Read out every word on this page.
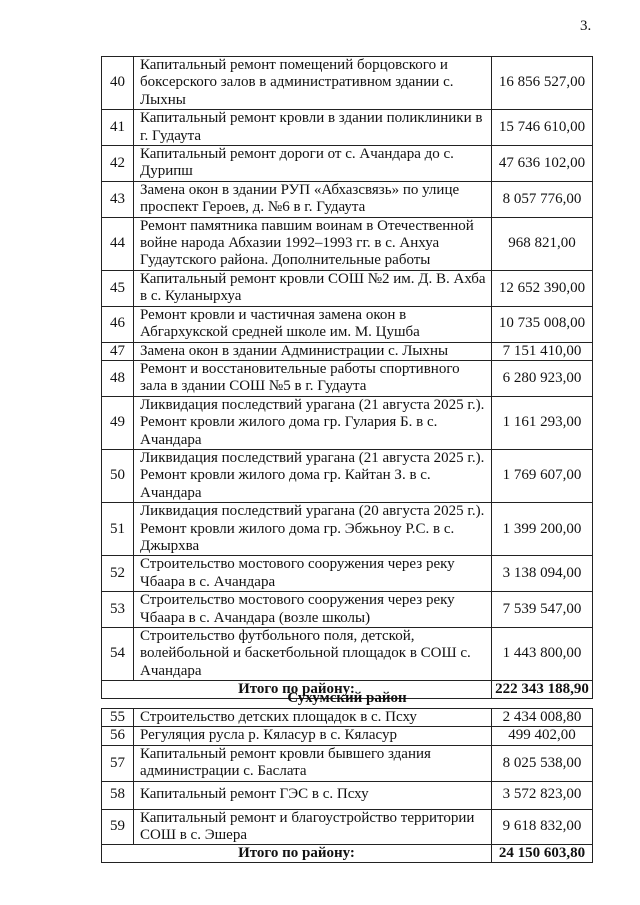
3.
40	Капитальный ремонт помещений борцовского и боксерского залов в административном здании с. Лыхны	16 856 527,00
41	Капитальный ремонт кровли в здании поликлиники в г. Гудаута	15 746 610,00
42	Капитальный ремонт дороги от с. Ачандара до с. Дурипш	47 636 102,00
43	Замена окон в здании РУП «Абхазсвязь» по улице проспект Героев, д. №6 в г. Гудаута	8 057 776,00
44	Ремонт памятника павшим воинам в Отечественной войне народа Абхазии 1992–1993 гг. в с. Анхуа Гудаутского района. Дополнительные работы	968 821,00
45	Капитальный ремонт кровли СОШ №2 им. Д. В. Ахба в с. Куланырхуа	12 652 390,00
46	Ремонт кровли и частичная замена окон в Абгархукской средней школе им. М. Цушба	10 735 008,00
47	Замена окон в здании Администрации с. Лыхны	7 151 410,00
48	Ремонт и восстановительные работы спортивного зала в здании СОШ №5 в г. Гудаута	6 280 923,00
49	Ликвидация последствий урагана (21 августа 2025 г.). Ремонт кровли жилого дома гр. Гулария Б. в с. Ачандара	1 161 293,00
50	Ликвидация последствий урагана (21 августа 2025 г.). Ремонт кровли жилого дома гр. Кайтан З. в с. Ачандара	1 769 607,00
51	Ликвидация последствий урагана (20 августа 2025 г.). Ремонт кровли жилого дома гр. Эбжьноу Р.С. в с. Джырхва	1 399 200,00
52	Строительство мостового сооружения через реку Чбаара в с. Ачандара	3 138 094,00
53	Строительство мостового сооружения через реку Чбаара в с. Ачандара (возле школы)	7 539 547,00
54	Строительство футбольного поля, детской, волейбольной и баскетбольной площадок в СОШ с. Ачандара	1 443 800,00
Итого по району:		222 343 188,90
Сухумский район
55	Строительство детских площадок в с. Псху	2 434 008,80
56	Регуляция русла р. Кяласур в с. Кяласур	499 402,00
57	Капитальный ремонт кровли бывшего здания администрации с. Баслата	8 025 538,00
58	Капитальный ремонт ГЭС в с. Псху	3 572 823,00
59	Капитальный ремонт и благоустройство территории СОШ в с. Эшера	9 618 832,00
Итого по району:		24 150 603,80
